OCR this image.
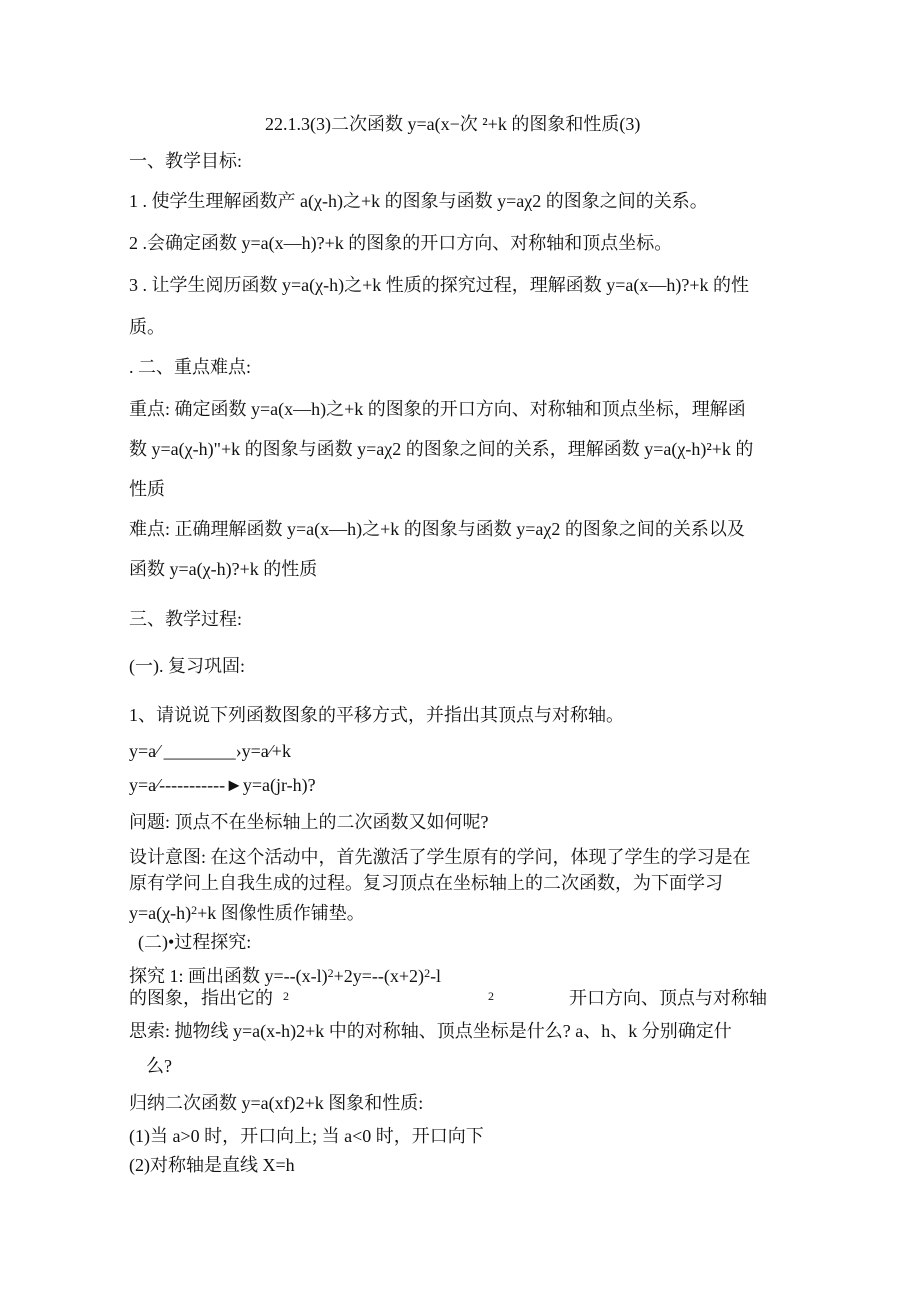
22.1.3(3)二次函数 y=a(x−次 ²+k 的图象和性质(3)
一、教学目标:
1 . 使学生理解函数产 a(χ-h)之+k 的图象与函数 y=aχ2 的图象之间的关系。
2 .会确定函数 y=a(x—h)?+k 的图象的开口方向、对称轴和顶点坐标。
3 . 让学生阅历函数 y=a(χ-h)之+k 性质的探究过程，理解函数 y=a(x—h)?+k 的性
质。
. 二、重点难点:
重点: 确定函数 y=a(x—h)之+k 的图象的开口方向、对称轴和顶点坐标，理解函
数 y=a(χ-h)"+k 的图象与函数 y=aχ2 的图象之间的关系，理解函数 y=a(χ-h)²+k 的
性质
难点: 正确理解函数 y=a(x—h)之+k 的图象与函数 y=aχ2 的图象之间的关系以及
函数 y=a(χ-h)?+k 的性质
三、教学过程:
(一). 复习巩固:
1、请说说下列函数图象的平移方式，并指出其顶点与对称轴。
y=a⁄ ________›y=a⁄+k
y=a⁄-----------►y=a(jr-h)?
问题: 顶点不在坐标轴上的二次函数又如何呢?
设计意图: 在这个活动中，首先激活了学生原有的学问，体现了学生的学习是在
原有学问上自我生成的过程。复习顶点在坐标轴上的二次函数，为下面学习
$y=a(\chi-h)^2+k$ 图像性质作铺垫。
(二)•过程探究:
探究 1: 画出函数 $y=--(x-l)^2+2y=--(x+2)^2-l$
的图象，指出它的 2	2	开口方向、顶点与对称轴
思索: 抛物线 y=a(x-h)2+k 中的对称轴、顶点坐标是什么? a、h、k 分别确定什
么?
归纳二次函数 y=a(xf)2+k 图象和性质:
(1)当 a>0 时，开口向上; 当 a<0 时，开口向下
(2)对称轴是直线 X=h
